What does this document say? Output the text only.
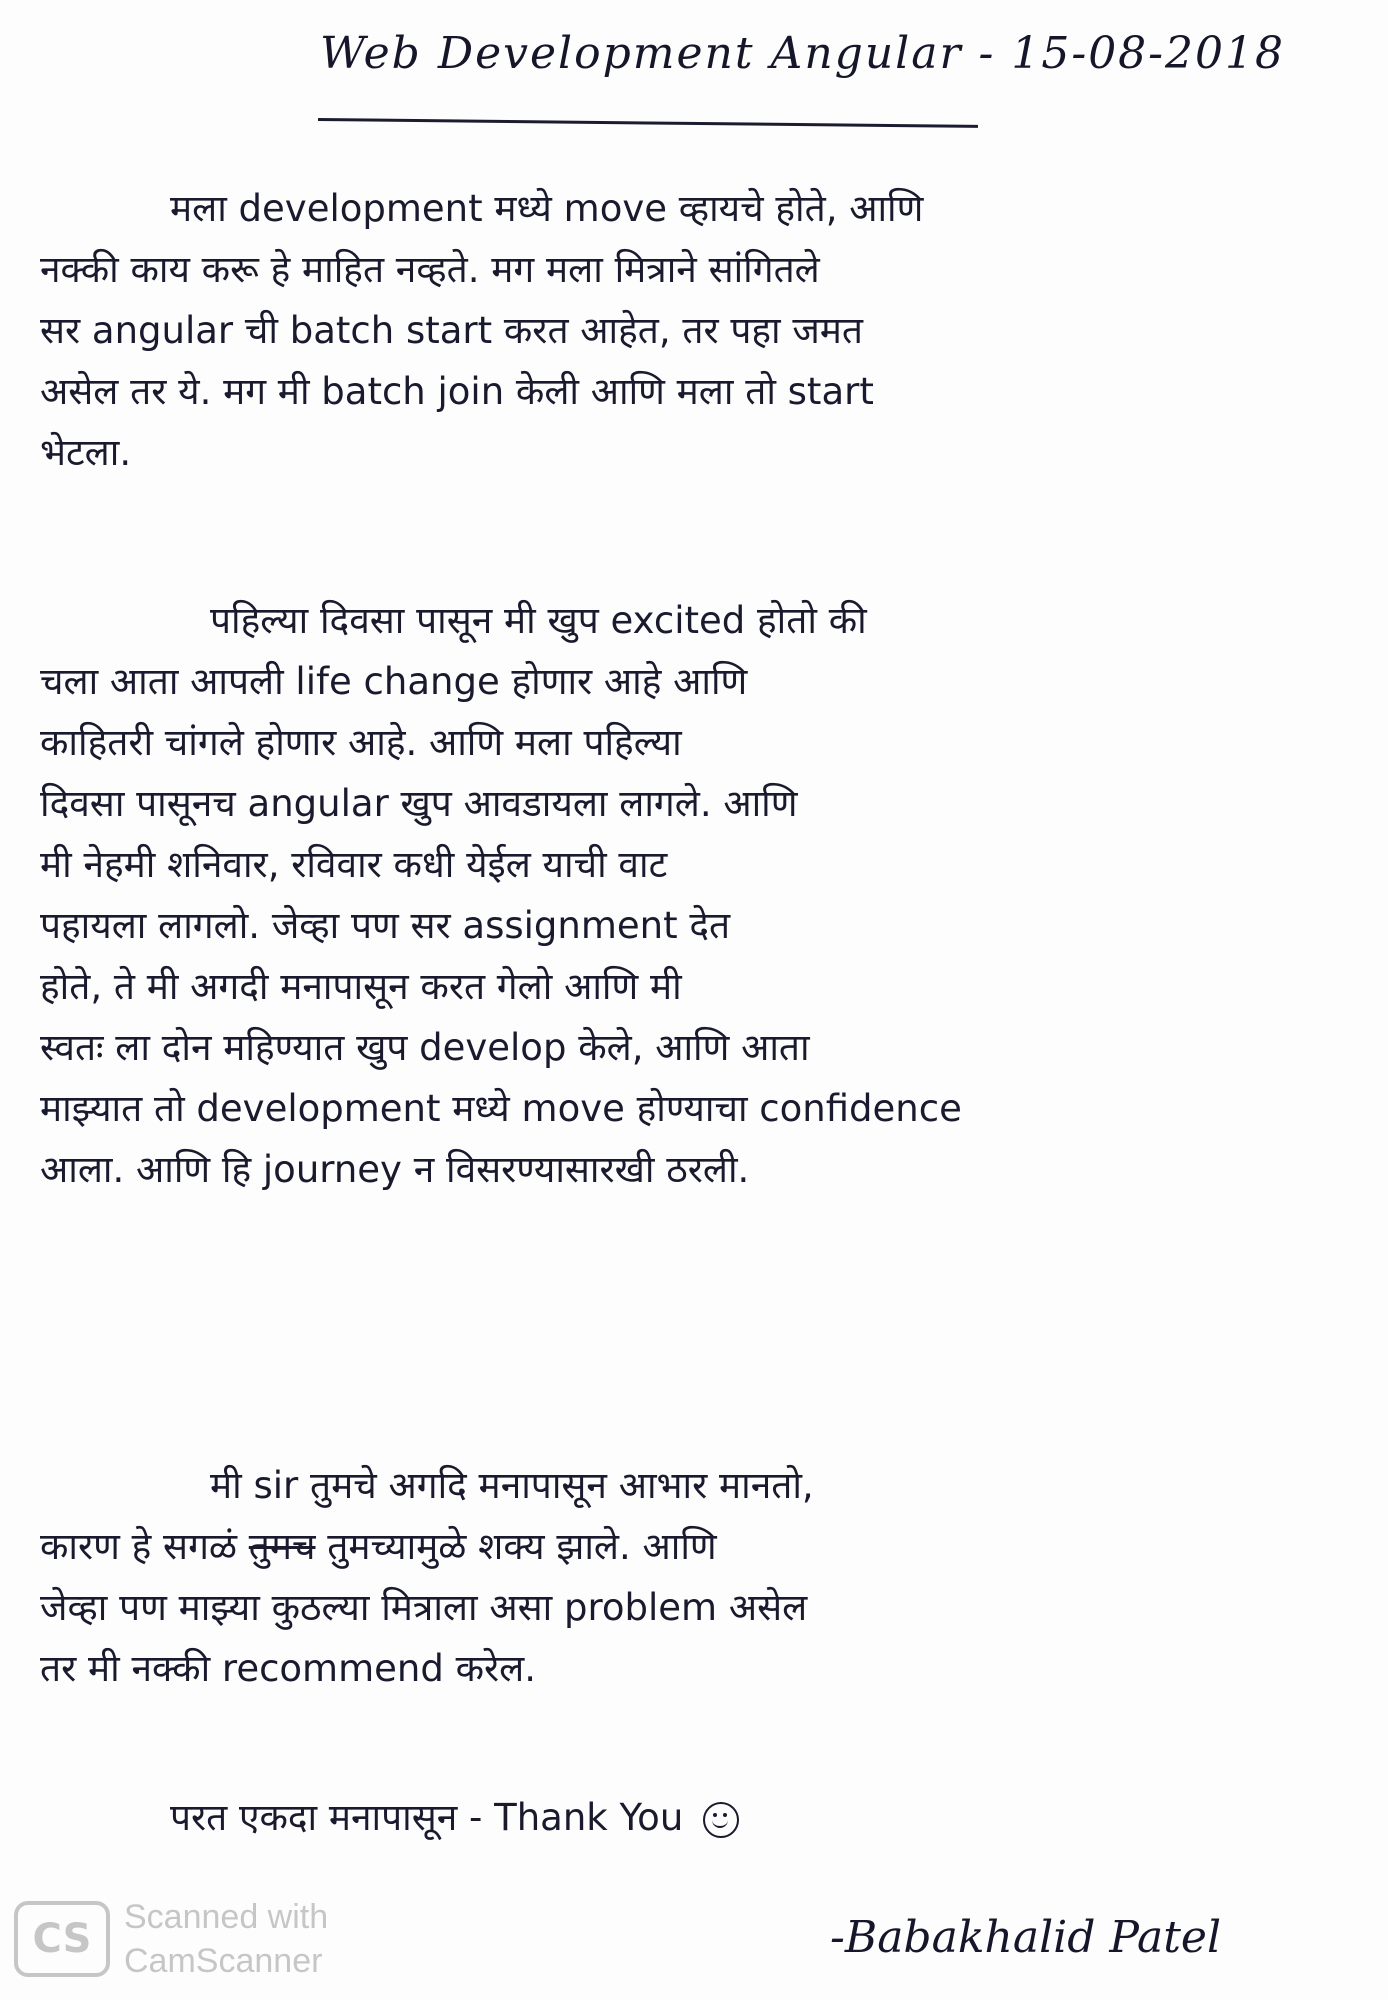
Web Development Angular - 15-08-2018
मला development मध्ये move व्हायचे होते, आणि
नक्की काय करू हे माहित नव्हते. मग मला मित्राने सांगितले
सर angular ची batch start करत आहेत, तर पहा जमत
असेल तर ये. मग मी batch join केली आणि मला तो start
भेटला.
पहिल्या दिवसा पासून मी खुप excited होतो की
चला आता आपली life change होणार आहे आणि
काहितरी चांगले होणार आहे. आणि मला पहिल्या
दिवसा पासूनच angular खुप आवडायला लागले. आणि
मी नेहमी शनिवार, रविवार कधी येईल याची वाट
पहायला लागलो. जेव्हा पण सर assignment देत
होते, ते मी अगदी मनापासून करत गेलो आणि मी
स्वतः ला दोन महिण्यात खुप develop केले, आणि आता
माझ्यात तो development मध्ये move होण्याचा confidence
आला. आणि हि journey न विसरण्यासारखी ठरली.
मी sir तुमचे अगदि मनापासून आभार मानतो,
कारण हे सगळं तुमच तुमच्यामुळे शक्य झाले. आणि
जेव्हा पण माझ्या कुठल्या मित्राला असा problem असेल
तर मी नक्की recommend करेल.
परत एकदा मनापासून - Thank You
CS Scanned with
CamScanner	-Babakhalid Patel
